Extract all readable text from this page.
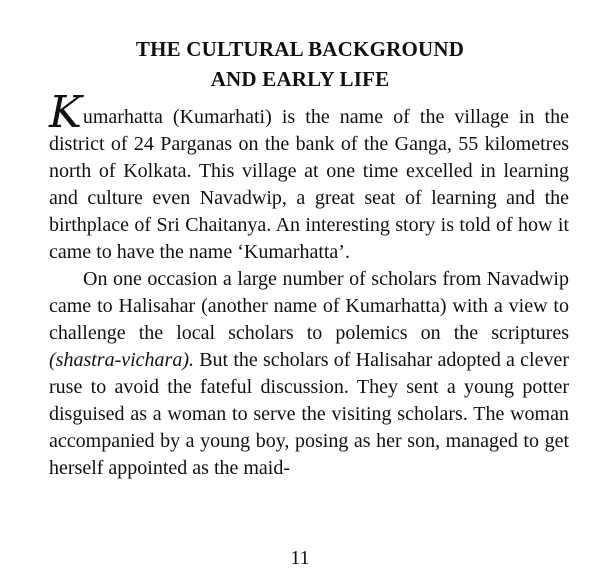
THE CULTURAL BACKGROUND
AND EARLY LIFE

Kumarhatta (Kumarhati) is the name of the village in the district of 24 Parganas on the bank of the Ganga, 55 kilometres north of Kolkata. This village at one time excelled in learning and culture even Navadwip, a great seat of learning and the birthplace of Sri Chaitanya. An interesting story is told of how it came to have the name ‘Kumarhatta’.

On one occasion a large number of scholars from Navadwip came to Halisahar (another name of Kumarhatta) with a view to challenge the local scholars to polemics on the scriptures (shastra-vichara). But the scholars of Halisahar adopted a clever ruse to avoid the fateful discussion. They sent a young potter disguised as a woman to serve the visiting scholars. The woman accompanied by a young boy, posing as her son, managed to get herself appointed as the maid-

11
